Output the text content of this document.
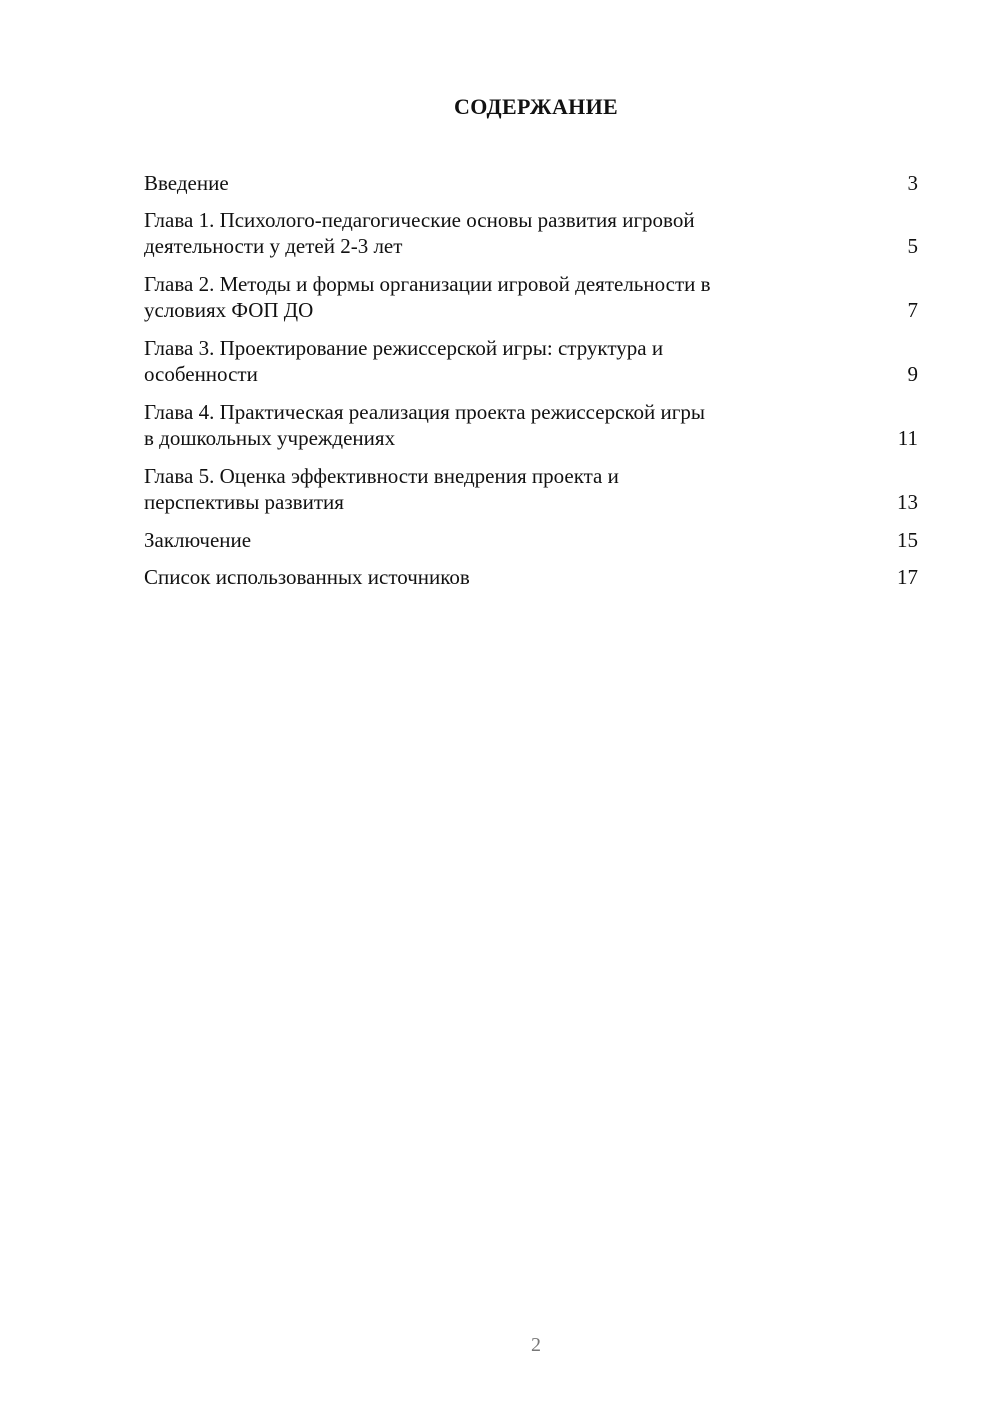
СОДЕРЖАНИЕ
Введение	3
Глава 1. Психолого-педагогические основы развития игровой
деятельности у детей 2-3 лет	5
Глава 2. Методы и формы организации игровой деятельности в
условиях ФОП ДО	7
Глава 3. Проектирование режиссерской игры: структура и
особенности	9
Глава 4. Практическая реализация проекта режиссерской игры
в дошкольных учреждениях	11
Глава 5. Оценка эффективности внедрения проекта и
перспективы развития	13
Заключение	15
Список использованных источников	17
2
